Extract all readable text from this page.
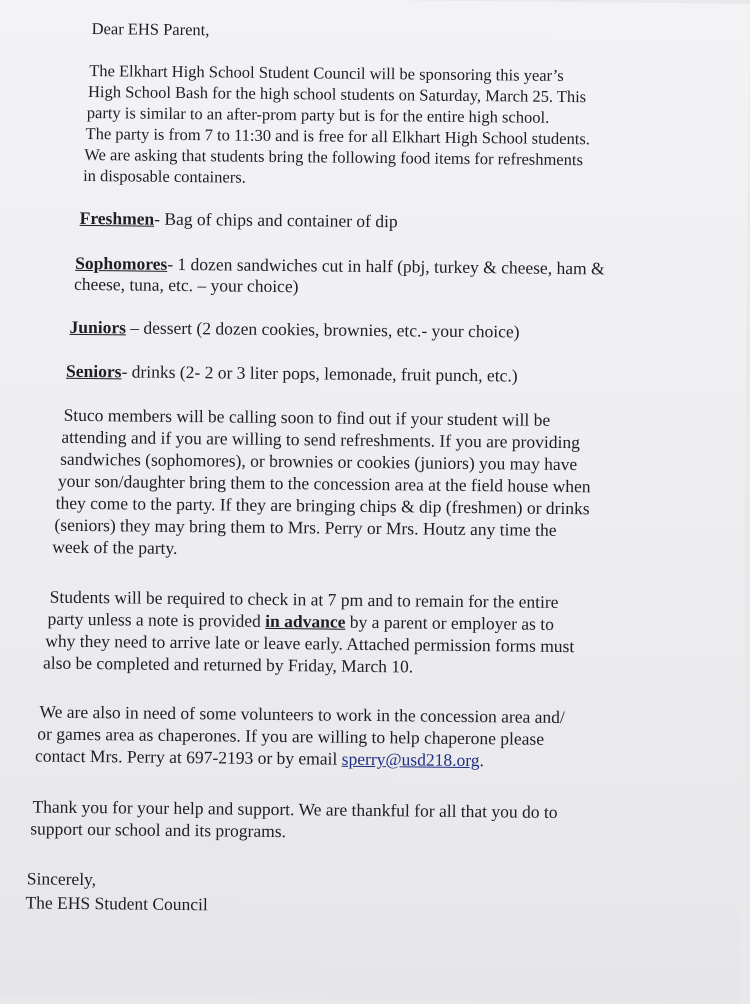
Dear EHS Parent,
The Elkhart High School Student Council will be sponsoring this year’s
High School Bash for the high school students on Saturday, March 25. This
party is similar to an after-prom party but is for the entire high school.
The party is from 7 to 11:30 and is free for all Elkhart High School students.
We are asking that students bring the following food items for refreshments
in disposable containers.
Freshmen- Bag of chips and container of dip
Sophomores- 1 dozen sandwiches cut in half (pbj, turkey & cheese, ham &
cheese, tuna, etc. – your choice)
Juniors – dessert (2 dozen cookies, brownies, etc.- your choice)
Seniors- drinks (2- 2 or 3 liter pops, lemonade, fruit punch, etc.)
Stuco members will be calling soon to find out if your student will be
attending and if you are willing to send refreshments. If you are providing
sandwiches (sophomores), or brownies or cookies (juniors) you may have
your son/daughter bring them to the concession area at the field house when
they come to the party. If they are bringing chips & dip (freshmen) or drinks
(seniors) they may bring them to Mrs. Perry or Mrs. Houtz any time the
week of the party.
Students will be required to check in at 7 pm and to remain for the entire
party unless a note is provided in advance by a parent or employer as to
why they need to arrive late or leave early. Attached permission forms must
also be completed and returned by Friday, March 10.
We are also in need of some volunteers to work in the concession area and/
or games area as chaperones. If you are willing to help chaperone please
contact Mrs. Perry at 697-2193 or by email sperry@usd218.org.
Thank you for your help and support. We are thankful for all that you do to
support our school and its programs.
Sincerely,
The EHS Student Council
